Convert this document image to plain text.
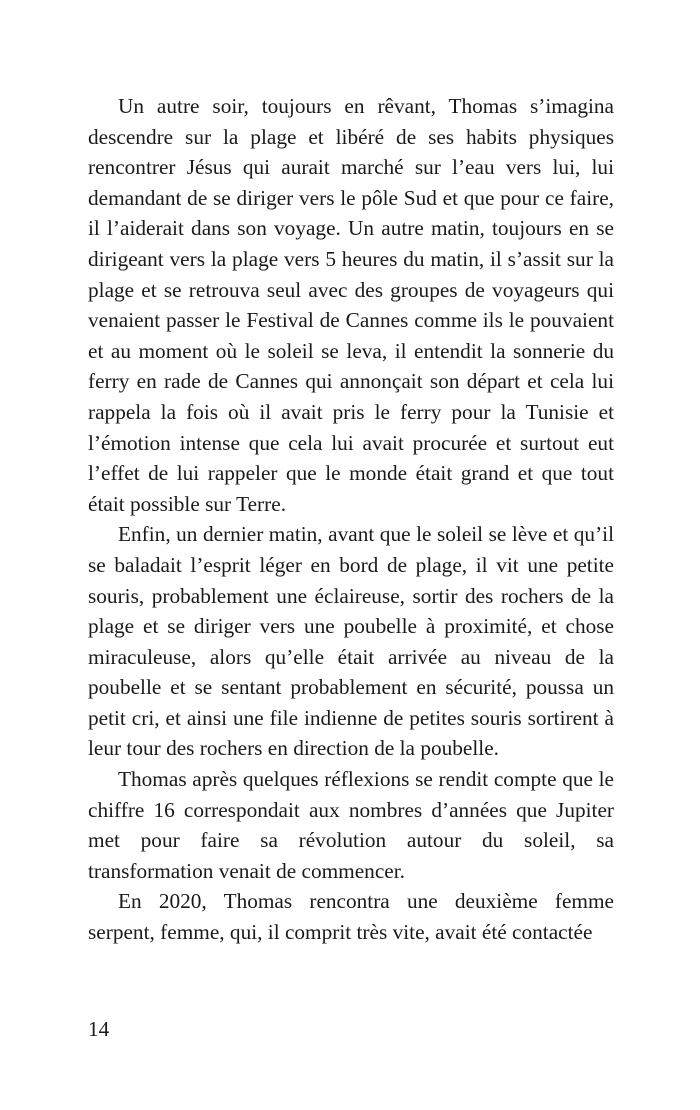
Un autre soir, toujours en rêvant, Thomas s’imagina descendre sur la plage et libéré de ses habits physiques rencontrer Jésus qui aurait marché sur l’eau vers lui, lui demandant de se diriger vers le pôle Sud et que pour ce faire, il l’aiderait dans son voyage. Un autre matin, toujours en se dirigeant vers la plage vers 5 heures du matin, il s’assit sur la plage et se retrouva seul avec des groupes de voyageurs qui venaient passer le Festival de Cannes comme ils le pouvaient et au moment où le soleil se leva, il entendit la sonnerie du ferry en rade de Cannes qui annonçait son départ et cela lui rappela la fois où il avait pris le ferry pour la Tunisie et l’émotion intense que cela lui avait procurée et surtout eut l’effet de lui rappeler que le monde était grand et que tout était possible sur Terre.

Enfin, un dernier matin, avant que le soleil se lève et qu’il se baladait l’esprit léger en bord de plage, il vit une petite souris, probablement une éclaireuse, sortir des rochers de la plage et se diriger vers une poubelle à proximité, et chose miraculeuse, alors qu’elle était arrivée au niveau de la poubelle et se sentant probablement en sécurité, poussa un petit cri, et ainsi une file indienne de petites souris sortirent à leur tour des rochers en direction de la poubelle.

Thomas après quelques réflexions se rendit compte que le chiffre 16 correspondait aux nombres d’années que Jupiter met pour faire sa révolution autour du soleil, sa transformation venait de commencer.

En 2020, Thomas rencontra une deuxième femme serpent, femme, qui, il comprit très vite, avait été contactée

14
